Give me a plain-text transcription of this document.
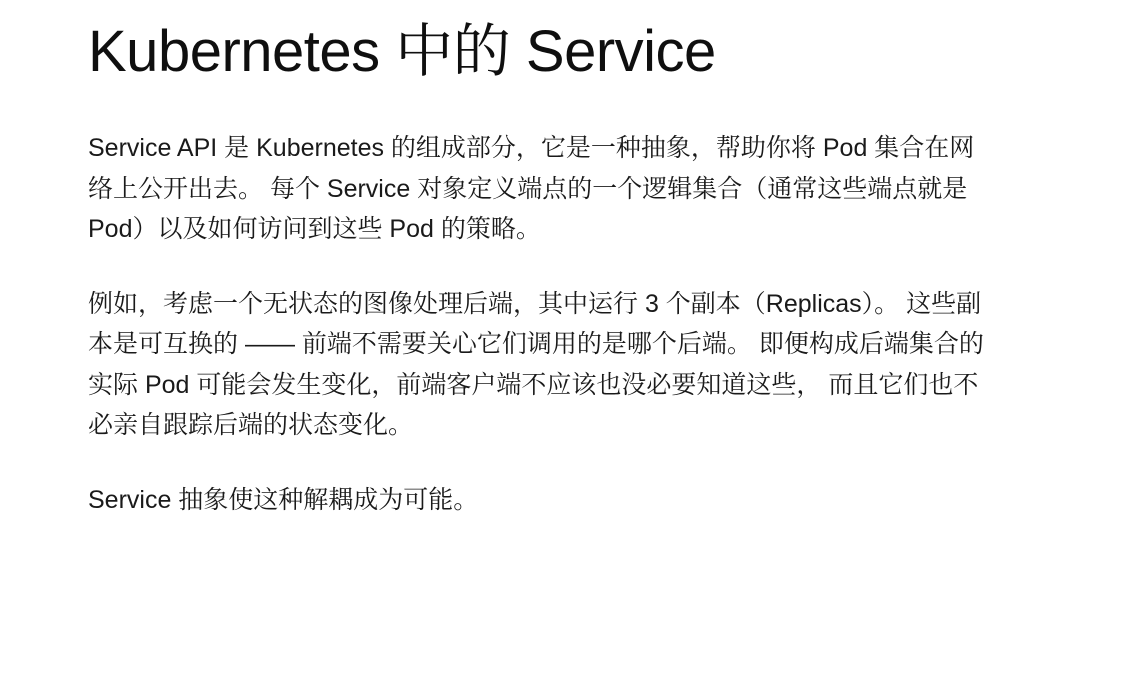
Kubernetes 中的 Service

Service API 是 Kubernetes 的组成部分，它是一种抽象，帮助你将 Pod 集合在网络上公开出去。 每个 Service 对象定义端点的一个逻辑集合（通常这些端点就是 Pod）以及如何访问到这些 Pod 的策略。

例如，考虑一个无状态的图像处理后端，其中运行 3 个副本（Replicas）。 这些副本是可互换的 —— 前端不需要关心它们调用的是哪个后端。 即便构成后端集合的实际 Pod 可能会发生变化，前端客户端不应该也没必要知道这些， 而且它们也不必亲自跟踪后端的状态变化。

Service 抽象使这种解耦成为可能。
